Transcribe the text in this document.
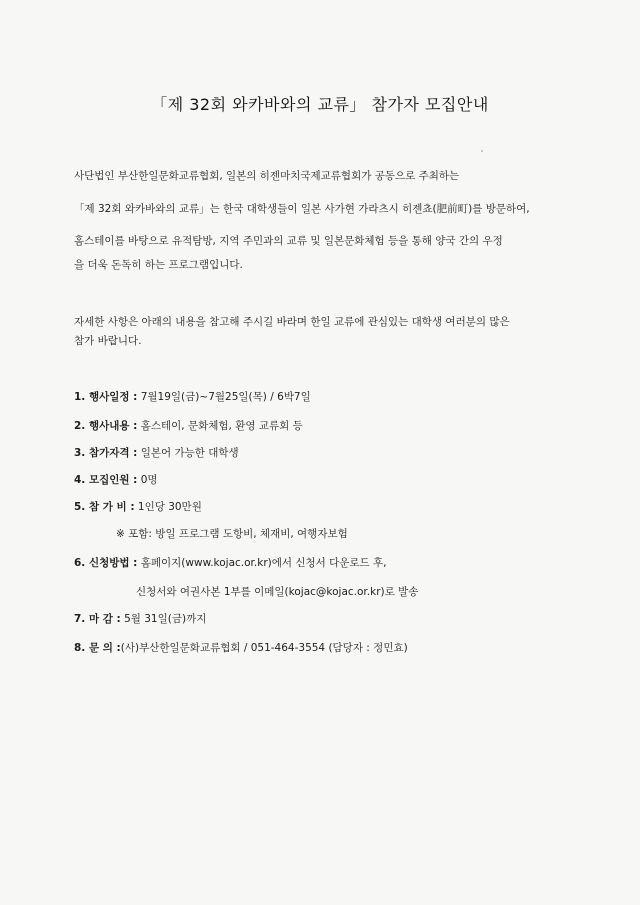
「제 32회 와카바와의 교류」 참가자 모집안내
사단법인 부산한일문화교류협회, 일본의 히젠마치국제교류협회가 공동으로 주최하는
「제 32회 와카바와의 교류」는 한국 대학생들이 일본 사가현 가라츠시 히젠쵸(肥前町)를 방문하여,
홈스테이를 바탕으로 유적탐방, 지역 주민과의 교류 및 일본문화체험 등을 통해 양국 간의 우정
을 더욱 돈독히 하는 프로그램입니다.
자세한 사항은 아래의 내용을 참고해 주시길 바라며 한일 교류에 관심있는 대학생 여러분의 많은
참가 바랍니다.
1. 행사일정 : 7월19일(금)~7월25일(목) / 6박7일
2. 행사내용 : 홈스테이, 문화체험, 환영 교류회 등
3. 참가자격 : 일본어 가능한 대학생
4. 모집인원 : 0명
5. 참 가 비 : 1인당 30만원
※ 포함: 방일 프로그램 도항비, 체재비, 여행자보험
6. 신청방법 : 홈페이지(www.kojac.or.kr)에서 신청서 다운로드 후,
신청서와 여권사본 1부를 이메일(kojac@kojac.or.kr)로 발송
7. 마 감 : 5월 31일(금)까지
8. 문 의 :(사)부산한일문화교류협회 / 051-464-3554 (담당자 : 정민효)
